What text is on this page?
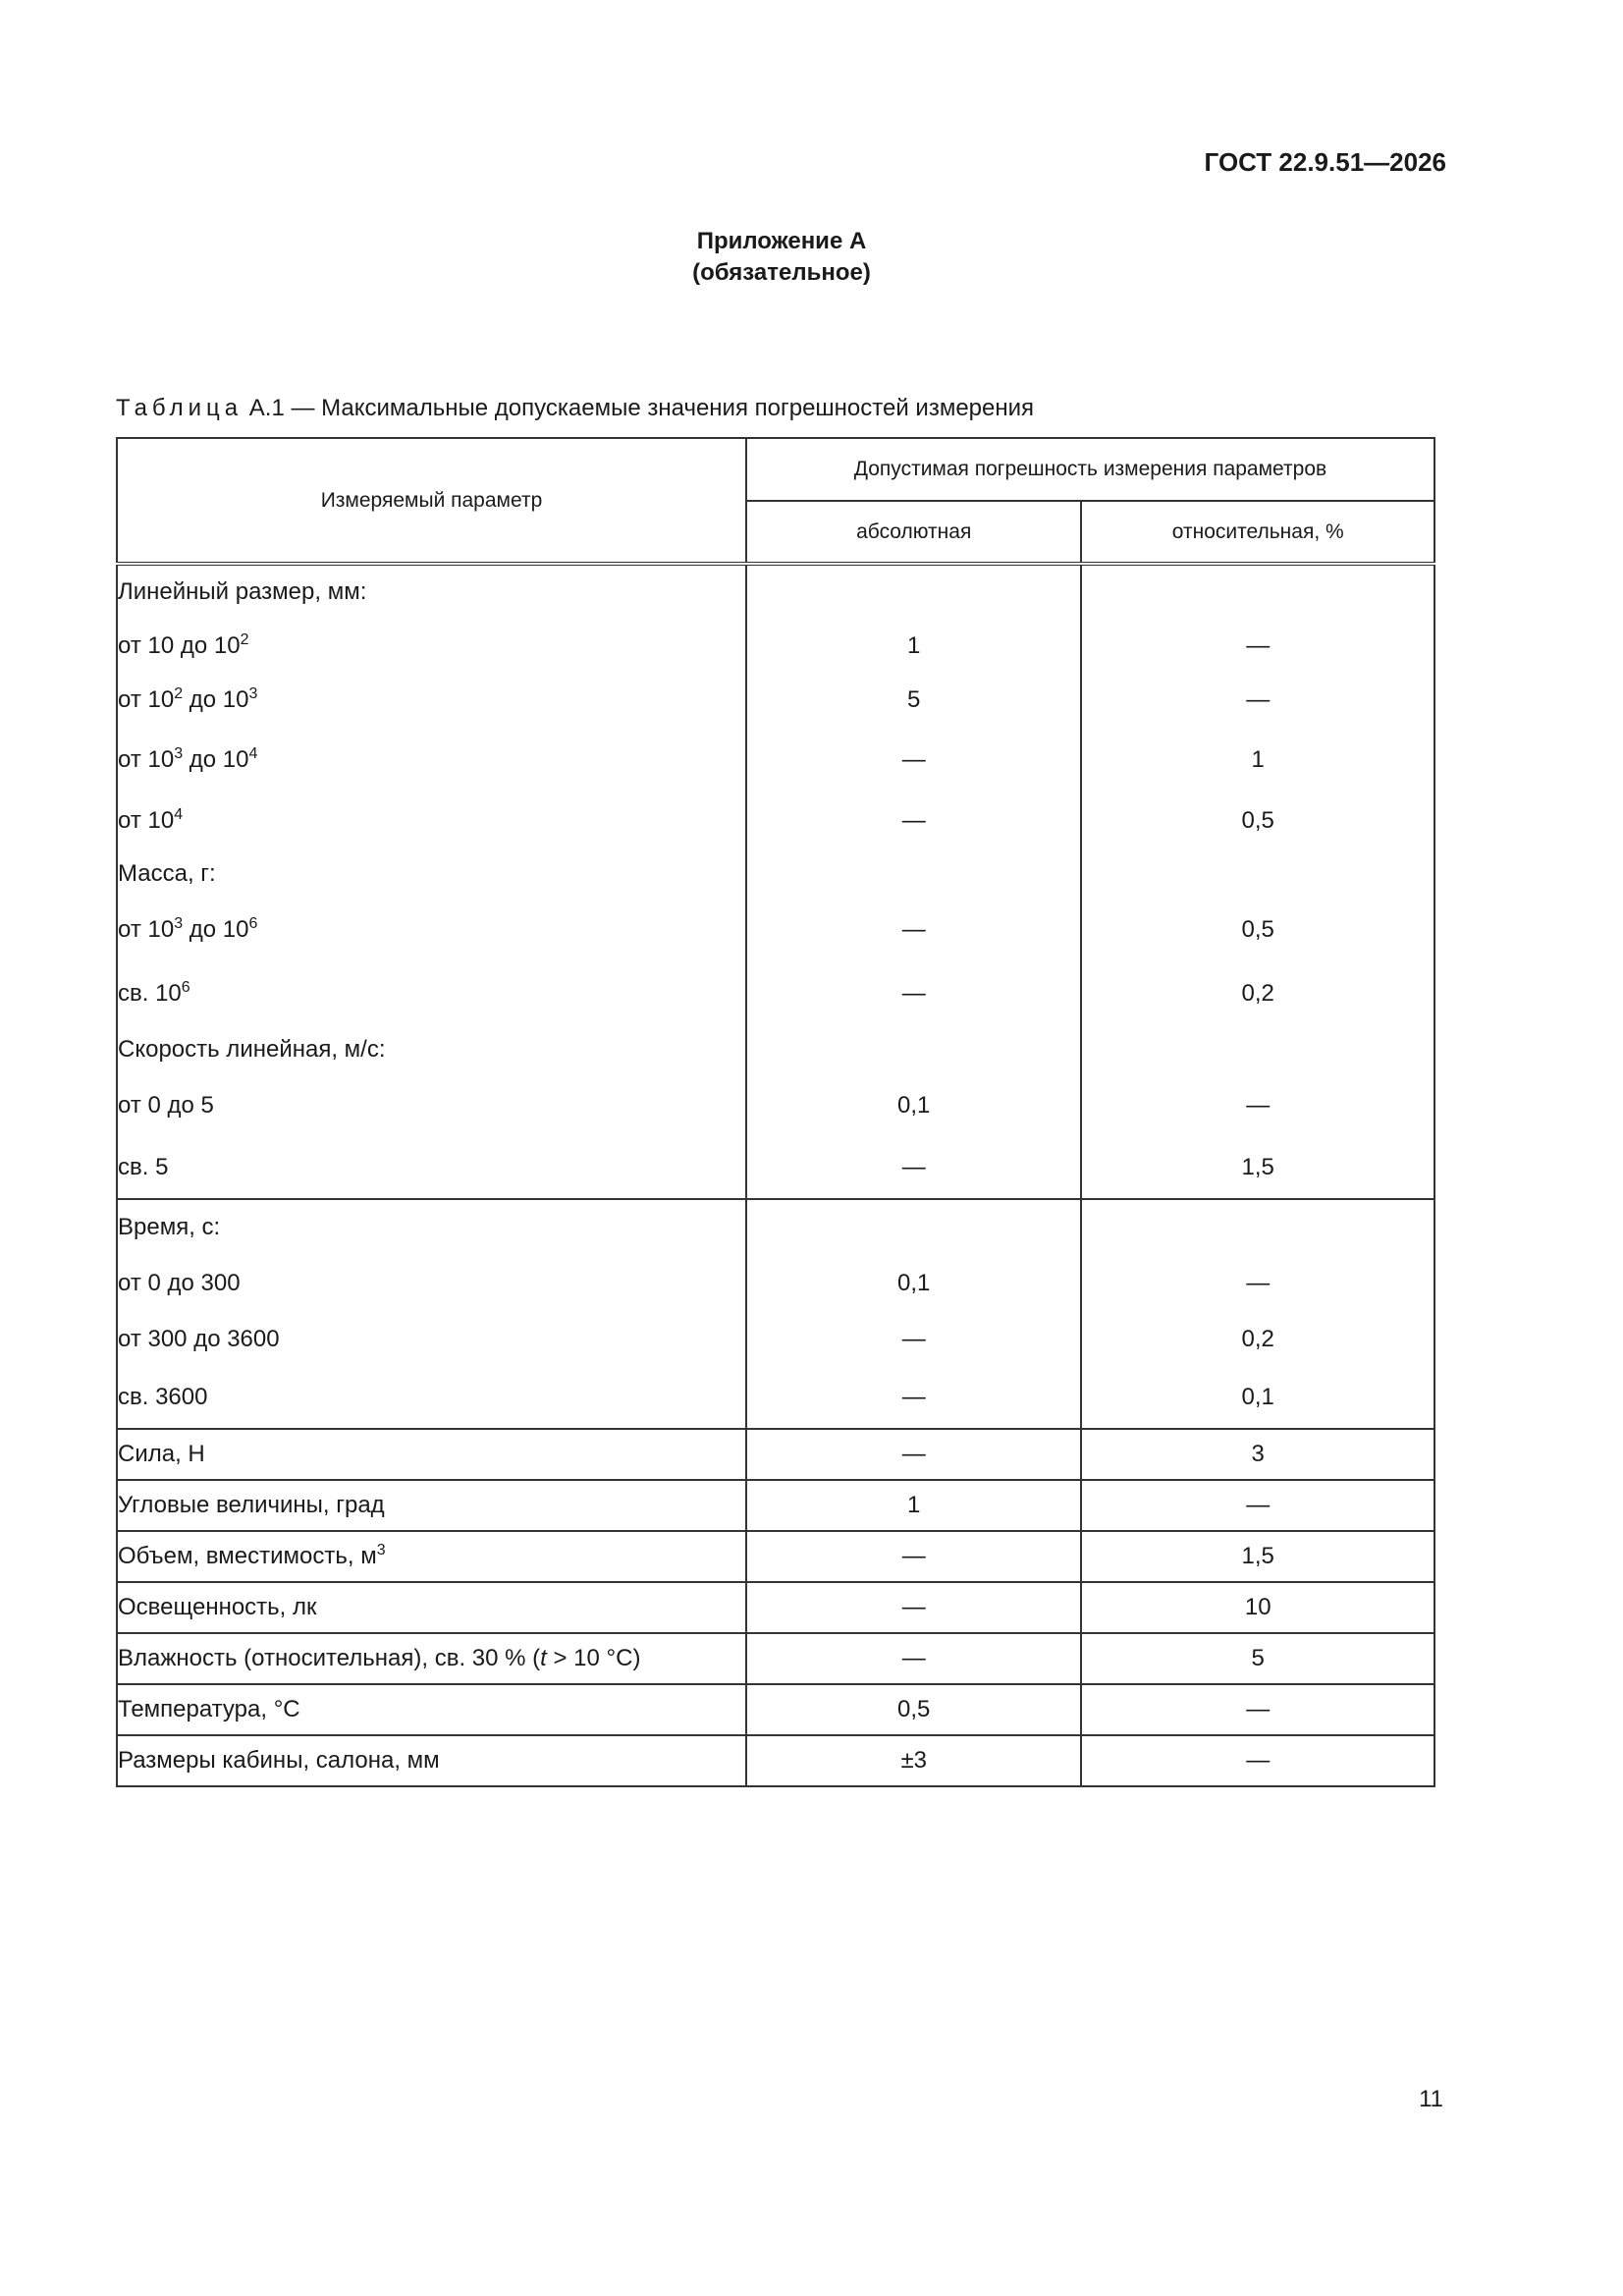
ГОСТ 22.9.51—2026
Приложение А
(обязательное)
Таблица А.1 — Максимальные допускаемые значения погрешностей измерения
Измеряемый параметр	Допустимая погрешность измерения параметров	
	абсолютная	относительная, %
Линейный размер, мм:		
от 10 до $10^2$	1	—
от $10^2$ до $10^3$	5	—
от $10^3$ до $10^4$	—	1
от $10^4$	—	0,5
Масса, г:		
от $10^3$ до $10^6$	—	0,5
св. $10^6$	—	0,2
Скорость линейная, м/с:		
от 0 до 5	0,1	—
св. 5	—	1,5
Время, с:		
от 0 до 300	0,1	—
от 300 до 3600	—	0,2
св. 3600	—	0,1
Сила, Н	—	3
Угловые величины, град	1	—
Объем, вместимость, $м^3$	—	1,5
Освещенность, лк	—	10
Влажность (относительная), св. 30 % (t > 10 °С)	—	5
Температура, °С	0,5	—
Размеры кабины, салона, мм	±3	—
11
